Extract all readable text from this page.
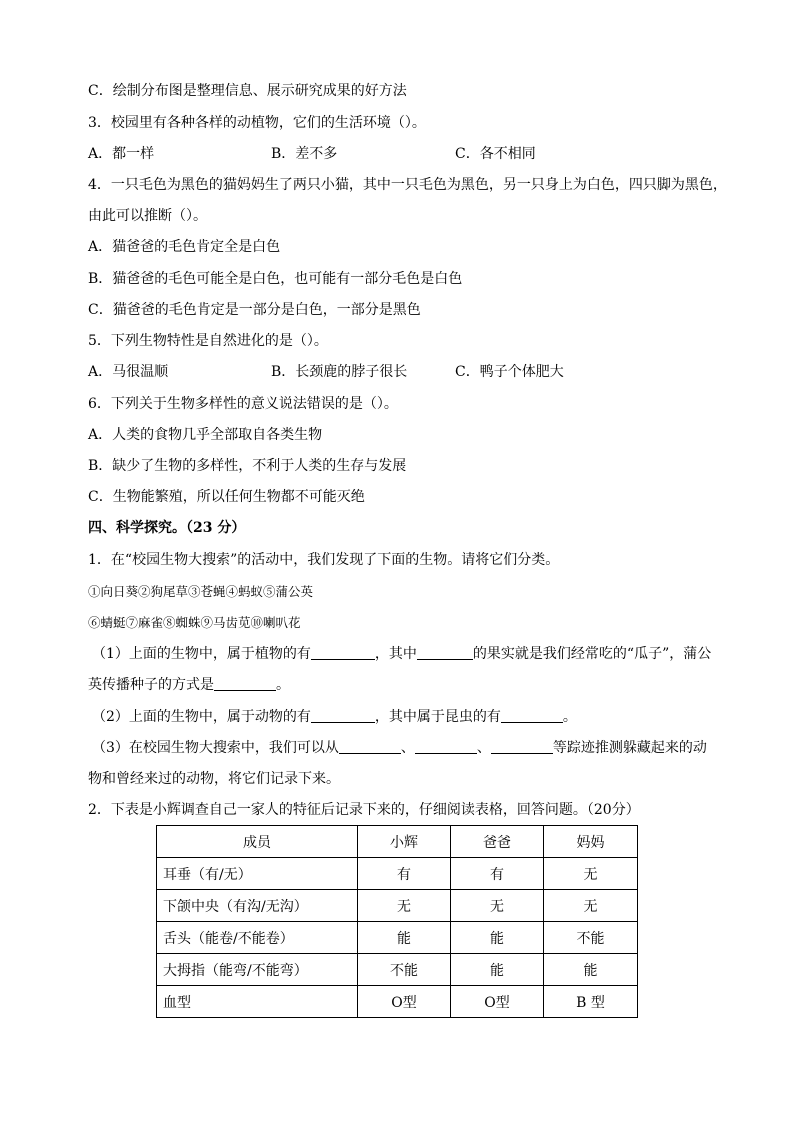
C．绘制分布图是整理信息、展示研究成果的好方法
3．校园里有各种各样的动植物，它们的生活环境（）。
A．都一样	B．差不多	C．各不相同
4．一只毛色为黑色的猫妈妈生了两只小猫，其中一只毛色为黑色，另一只身上为白色，四只脚为黑色，
由此可以推断（）。
A．猫爸爸的毛色肯定全是白色
B．猫爸爸的毛色可能全是白色，也可能有一部分毛色是白色
C．猫爸爸的毛色肯定是一部分是白色，一部分是黑色
5．下列生物特性是自然进化的是（）。
A．马很温顺	B．长颈鹿的脖子很长	C．鸭子个体肥大
6．下列关于生物多样性的意义说法错误的是（）。
A．人类的食物几乎全部取自各类生物
B．缺少了生物的多样性，不利于人类的生存与发展
C．生物能繁殖，所以任何生物都不可能灭绝
四、科学探究。（23 分）
1．在“校园生物大搜索”的活动中，我们发现了下面的生物。请将它们分类。
①向日葵②狗尾草③苍蝇④蚂蚁⑤蒲公英
⑥蜻蜓⑦麻雀⑧蜘蛛⑨马齿苋⑩喇叭花
（1）上面的生物中，属于植物的有	，其中	的果实就是我们经常吃的“瓜子”，蒲公
英传播种子的方式是	。
（2）上面的生物中，属于动物的有	，其中属于昆虫的有	。
（3）在校园生物大搜索中，我们可以从	、	、	等踪迹推测躲藏起来的动
物和曾经来过的动物，将它们记录下来。
2．下表是小辉调查自己一家人的特征后记录下来的，仔细阅读表格，回答问题。（20分）
成员	小辉	爸爸	妈妈
耳垂（有/无）	有	有	无
下颌中央（有沟/无沟）	无	无	无
舌头（能卷/不能卷）	能	能	不能
大拇指（能弯/不能弯）	不能	能	能
血型	O型	O型	B 型
